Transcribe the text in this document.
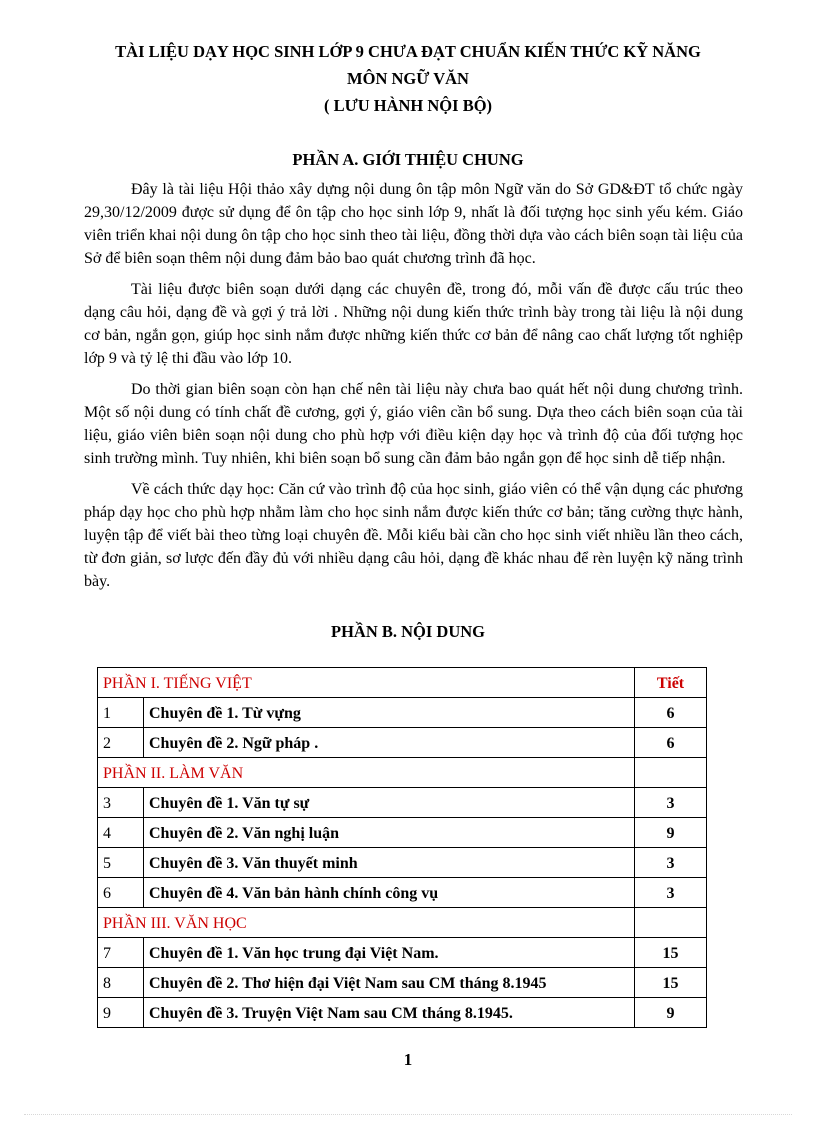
TÀI LIỆU DẠY HỌC SINH LỚP 9 CHƯA ĐẠT CHUẨN KIẾN THỨC KỸ NĂNG
MÔN NGỮ VĂN
( LƯU HÀNH NỘI BỘ)
PHẦN A. GIỚI THIỆU CHUNG

Đây là tài liệu Hội thảo xây dựng nội dung ôn tập môn Ngữ văn do Sở GD&ĐT tổ chức ngày 29,30/12/2009 được sử dụng để ôn tập cho học sinh lớp 9, nhất là đối tượng học sinh yếu kém. Giáo viên triển khai nội dung ôn tập cho học sinh theo tài liệu, đồng thời dựa vào cách biên soạn tài liệu của Sở để biên soạn thêm nội dung đảm bảo bao quát chương trình đã học.

Tài liệu được biên soạn dưới dạng các chuyên đề, trong đó, mỗi vấn đề được cấu trúc theo dạng câu hỏi, dạng đề và gợi ý trả lời . Những nội dung kiến thức trình bày trong tài liệu là nội dung cơ bản, ngắn gọn, giúp học sinh nắm được những kiến thức cơ bản để nâng cao chất lượng tốt nghiệp lớp 9 và tỷ lệ thi đầu vào lớp 10.

Do thời gian biên soạn còn hạn chế nên tài liệu này chưa bao quát hết nội dung chương trình. Một số nội dung có tính chất đề cương, gợi ý, giáo viên cần bổ sung. Dựa theo cách biên soạn của tài liệu, giáo viên biên soạn nội dung cho phù hợp với điều kiện dạy học và trình độ của đối tượng học sinh trường mình. Tuy nhiên, khi biên soạn bổ sung cần đảm bảo ngắn gọn để học sinh dễ tiếp nhận.

Về cách thức dạy học: Căn cứ vào trình độ của học sinh, giáo viên có thể vận dụng các phương pháp dạy học cho phù hợp nhằm làm cho học sinh nắm được kiến thức cơ bản; tăng cường thực hành, luyện tập để viết bài theo từng loại chuyên đề. Mỗi kiểu bài cần cho học sinh viết nhiều lần theo cách, từ đơn giản, sơ lược đến đầy đủ với nhiều dạng câu hỏi, dạng đề khác nhau để rèn luyện kỹ năng trình bày.

PHẦN B. NỘI DUNG
PHẦN I. TIẾNG VIỆT		Tiết
1	Chuyên đề 1. Từ vựng	6
2	Chuyên đề 2. Ngữ pháp .	6
PHẦN II. LÀM VĂN		
3	Chuyên đề 1. Văn tự sự	3
4	Chuyên đề 2. Văn nghị luận	9
5	Chuyên đề 3. Văn thuyết minh	3
6	Chuyên đề 4. Văn bản hành chính công vụ	3
PHẦN III. VĂN HỌC		
7	Chuyên đề 1. Văn học trung đại Việt Nam.	15
8	Chuyên đề 2. Thơ hiện đại Việt Nam sau CM tháng 8.1945	15
9	Chuyên đề 3. Truyện Việt Nam sau CM tháng 8.1945.	9
1
